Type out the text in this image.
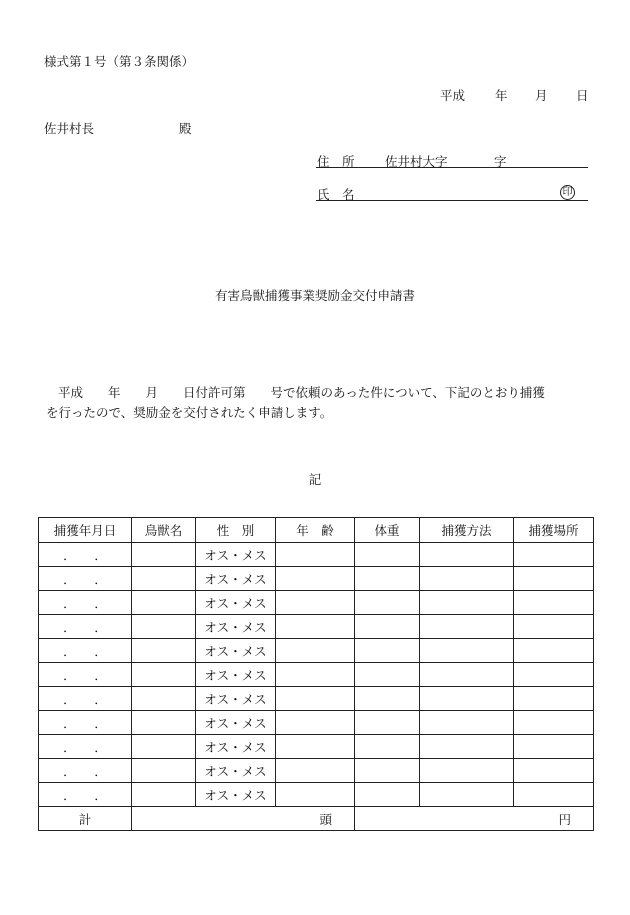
様式第１号（第３条関係）
平成 年 月 日
佐井村長	殿
住　所 佐井村大字	字
氏　名	印
有害鳥獣捕獲事業奨励金交付申請書
平成　　年　　月　　日付許可第　　号で依頼のあった件について、下記のとおり捕獲
を行ったので、奨励金を交付されたく申請します。
記
捕獲年月日	鳥獣名	性　別	年　齢	体重	捕獲方法	捕獲場所
．　　．		オス・メス				
．　　．		オス・メス				
．　　．		オス・メス				
．　　．		オス・メス				
．　　．		オス・メス				
．　　．		オス・メス				
．　　．		オス・メス				
．　　．		オス・メス				
．　　．		オス・メス				
．　　．		オス・メス				
．　　．		オス・メス				
計	頭			円		
